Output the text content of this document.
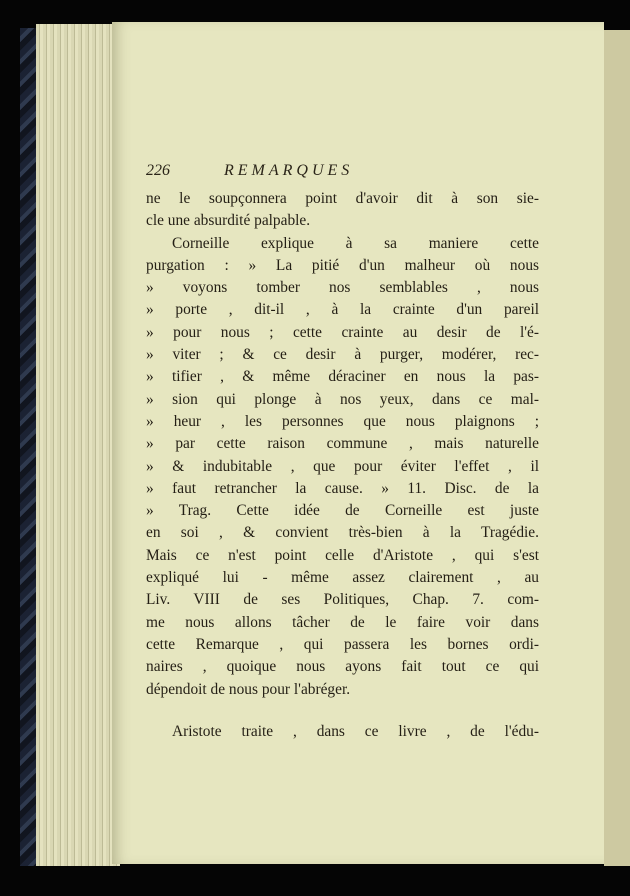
226	REMARQUES
ne le soupçonnera point d'avoir dit à son sie-
cle une absurdité palpable.
Corneille explique à sa maniere cette
purgation : » La pitié d'un malheur où nous
» voyons tomber nos semblables , nous
» porte , dit-il , à la crainte d'un pareil
» pour nous ; cette crainte au desir de l'é-
» viter ; & ce desir à purger, modérer, rec-
» tifier , & même déraciner en nous la pas-
» sion qui plonge à nos yeux, dans ce mal-
» heur , les personnes que nous plaignons ;
» par cette raison commune , mais naturelle
» & indubitable , que pour éviter l'effet , il
» faut retrancher la cause. » 11. Disc. de la
» Trag. Cette idée de Corneille est juste
en soi , & convient très-bien à la Tragédie.
Mais ce n'est point celle d'Aristote , qui s'est
expliqué lui - même assez clairement , au
Liv. VIII de ses Politiques, Chap. 7. com-
me nous allons tâcher de le faire voir dans
cette Remarque , qui passera les bornes ordi-
naires , quoique nous ayons fait tout ce qui
dépendoit de nous pour l'abréger.
Aristote traite , dans ce livre , de l'édu-
